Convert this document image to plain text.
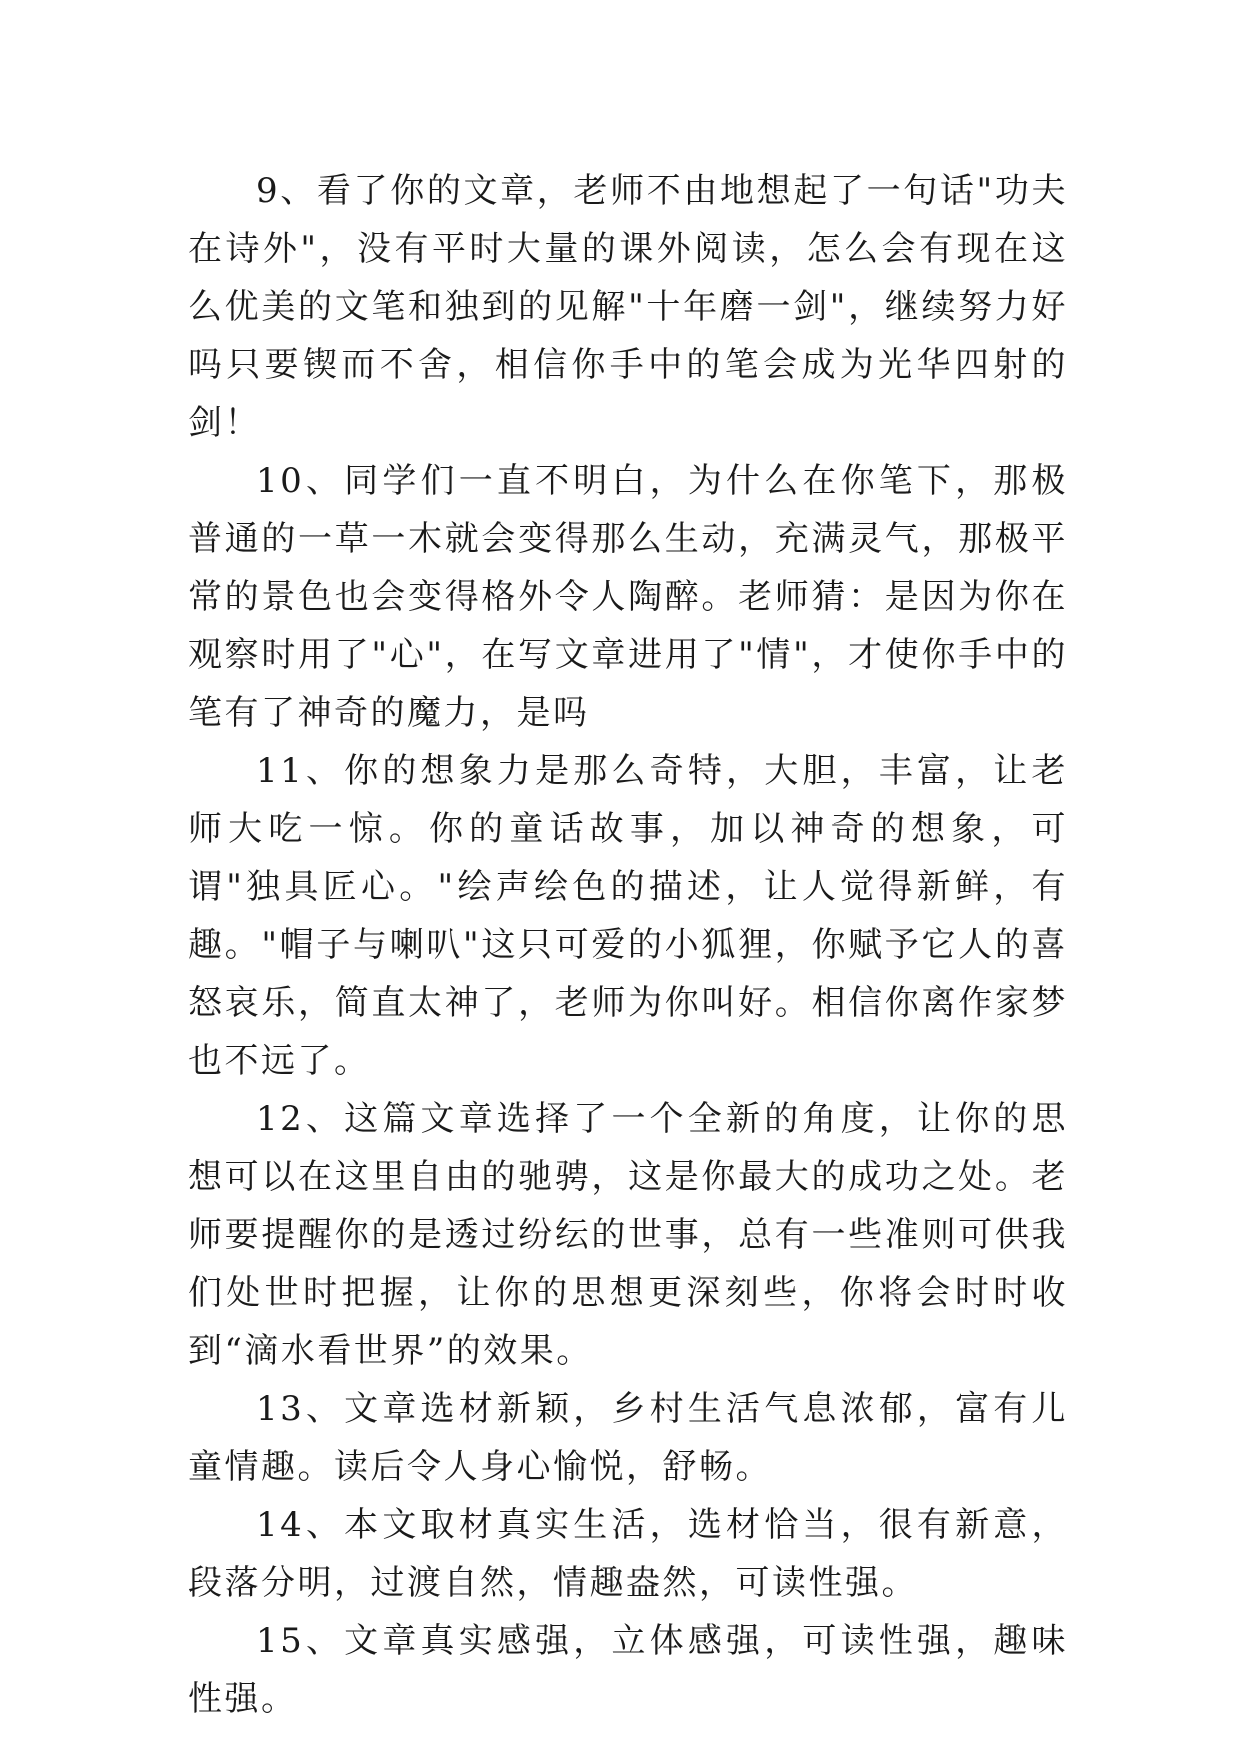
9、看了你的文章，老师不由地想起了一句话"功夫在诗外"，没有平时大量的课外阅读，怎么会有现在这么优美的文笔和独到的见解"十年磨一剑"，继续努力好吗只要锲而不舍，相信你手中的笔会成为光华四射的剑！

10、同学们一直不明白，为什么在你笔下，那极普通的一草一木就会变得那么生动，充满灵气，那极平常的景色也会变得格外令人陶醉。老师猜：是因为你在观察时用了"心"，在写文章进用了"情"，才使你手中的笔有了神奇的魔力，是吗

11、你的想象力是那么奇特，大胆，丰富，让老师大吃一惊。你的童话故事，加以神奇的想象，可谓"独具匠心。"绘声绘色的描述，让人觉得新鲜，有趣。"帽子与喇叭"这只可爱的小狐狸，你赋予它人的喜怒哀乐，简直太神了，老师为你叫好。相信你离作家梦也不远了。

12、这篇文章选择了一个全新的角度，让你的思想可以在这里自由的驰骋，这是你最大的成功之处。老师要提醒你的是透过纷纭的世事，总有一些准则可供我们处世时把握，让你的思想更深刻些，你将会时时收到“滴水看世界”的效果。

13、文章选材新颖，乡村生活气息浓郁，富有儿童情趣。读后令人身心愉悦，舒畅。

14、本文取材真实生活，选材恰当，很有新意，段落分明，过渡自然，情趣盎然，可读性强。

15、文章真实感强，立体感强，可读性强，趣味性强。
